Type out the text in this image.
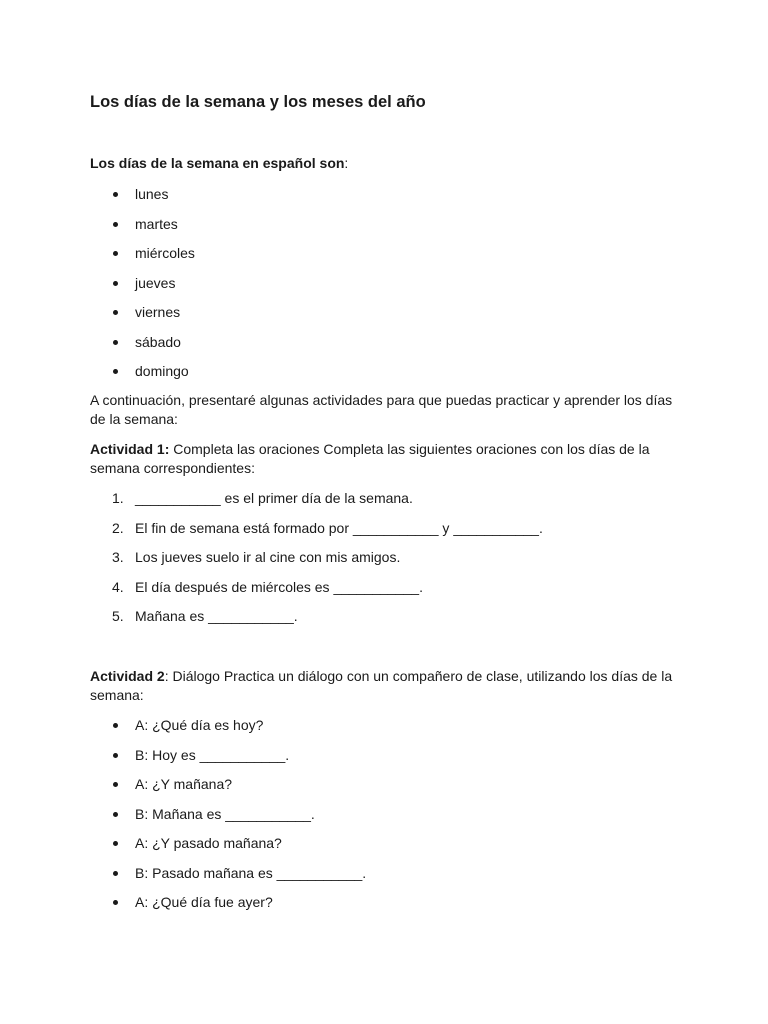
Los días de la semana y los meses del año
Los días de la semana en español son:
lunes
martes
miércoles
jueves
viernes
sábado
domingo
A continuación, presentaré algunas actividades para que puedas practicar y aprender los días de la semana:
Actividad 1: Completa las oraciones Completa las siguientes oraciones con los días de la semana correspondientes:
1. ___________ es el primer día de la semana.
2. El fin de semana está formado por ___________ y ___________.
3. Los jueves suelo ir al cine con mis amigos.
4. El día después de miércoles es ___________.
5. Mañana es ___________.
Actividad 2: Diálogo Practica un diálogo con un compañero de clase, utilizando los días de la semana:
A: ¿Qué día es hoy?
B: Hoy es ___________.
A: ¿Y mañana?
B: Mañana es ___________.
A: ¿Y pasado mañana?
B: Pasado mañana es ___________.
A: ¿Qué día fue ayer?
